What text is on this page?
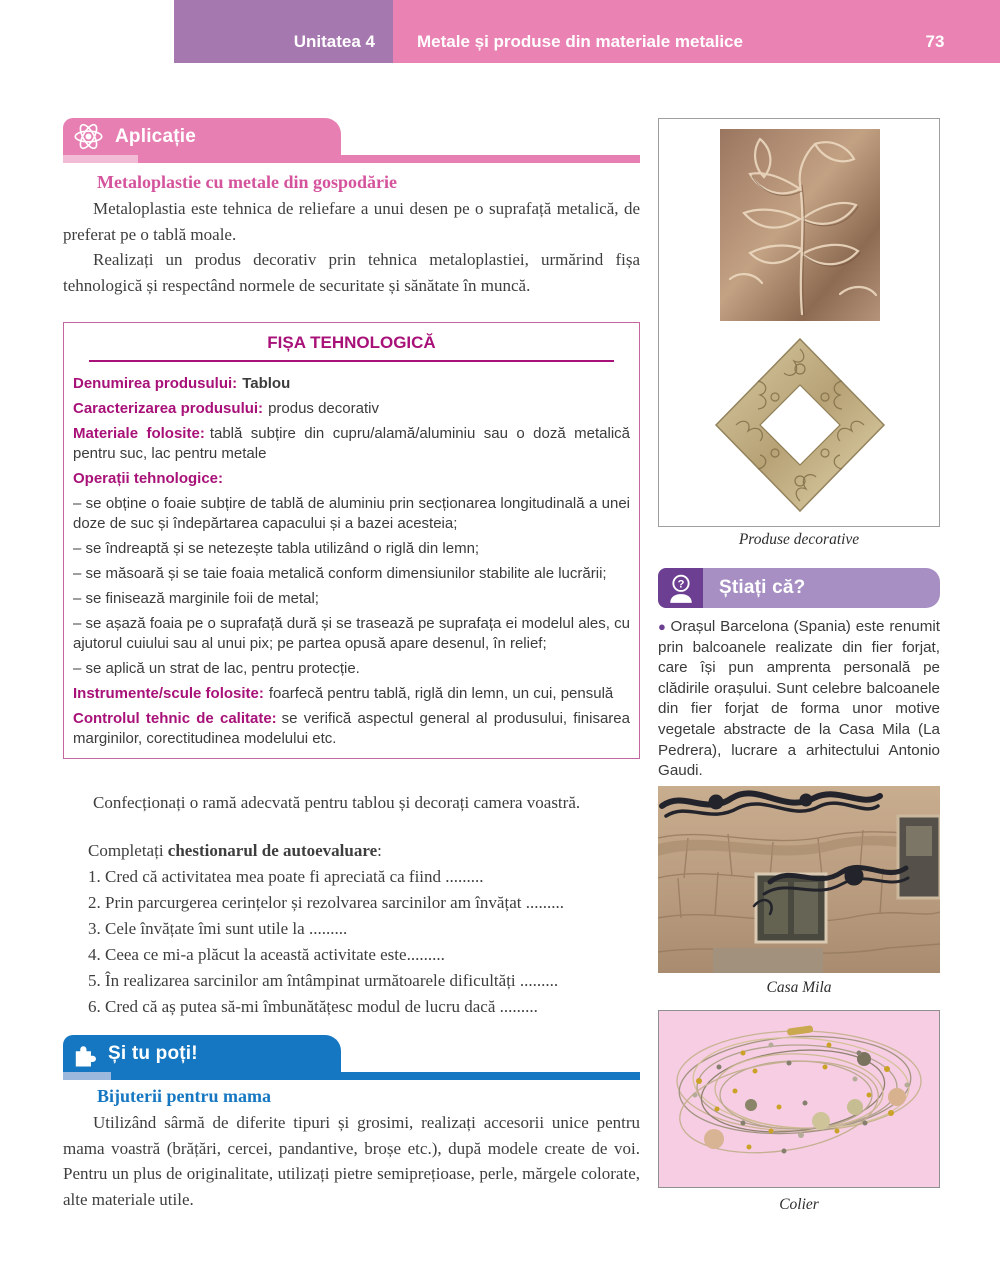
Unitatea 4 Metale și produse din materiale metalice	73
Aplicație
Metaloplastie cu metale din gospodărie
Metaloplastia este tehnica de reliefare a unui desen pe o suprafață metalică, de preferat pe o tablă moale.
Realizați un produs decorativ prin tehnica metaloplastiei, urmărind fișa tehnologică și respectând normele de securitate și sănătate în muncă.

FIȘA TEHNOLOGICĂ

Denumirea produsului: Tablou

Caracterizarea produsului: produs decorativ

Materiale folosite: tablă subțire din cupru/alamă/aluminiu sau o doză metalică pentru suc, lac pentru metale

Operații tehnologice:

– se obține o foaie subțire de tablă de aluminiu prin secționarea longitudinală a unei doze de suc și îndepărtarea capacului și a bazei acesteia;

– se îndreaptă și se netezește tabla utilizând o riglă din lemn;

– se măsoară și se taie foaia metalică conform dimensiunilor stabilite ale lucrării;

– se finisează marginile foii de metal;

– se așază foaia pe o suprafață dură și se trasează pe suprafața ei modelul ales, cu ajutorul cuiului sau al unui pix; pe partea opusă apare desenul, în relief;

– se aplică un strat de lac, pentru protecție.

Instrumente/scule folosite: foarfecă pentru tablă, riglă din lemn, un cui, pensulă

Controlul tehnic de calitate: se verifică aspectul general al produsului, finisarea marginilor, corectitudinea modelului etc.

Confecționați o ramă adecvată pentru tablou și decorați camera voastră.
Completați chestionarul de autoevaluare:
1. Cred că activitatea mea poate fi apreciată ca fiind .........
2. Prin parcurgerea cerințelor și rezolvarea sarcinilor am învățat .........
3. Cele învățate îmi sunt utile la .........
4. Ceea ce mi-a plăcut la această activitate este.........
5. În realizarea sarcinilor am întâmpinat următoarele dificultăți .........
6. Cred că aș putea să-mi îmbunătățesc modul de lucru dacă .........
Și tu poți!
Bijuterii pentru mama
Utilizând sârmă de diferite tipuri și grosimi, realizați accesorii unice pentru mama voastră (brățări, cercei, pandantive, broșe etc.), după modele create de voi. Pentru un plus de originalitate, utilizați pietre semiprețioase, perle, mărgele colorate, alte materiale utile.
Produse decorative
? Știați că?
● Orașul Barcelona (Spania) este renumit prin balcoanele realizate din fier forjat, care își pun amprenta personală pe clădirile orașului. Sunt celebre balcoanele din fier forjat de forma unor motive vegetale abstracte de la Casa Mila (La Pedrera), lucrare a arhitectului Antonio Gaudi.
Casa Mila
Colier
